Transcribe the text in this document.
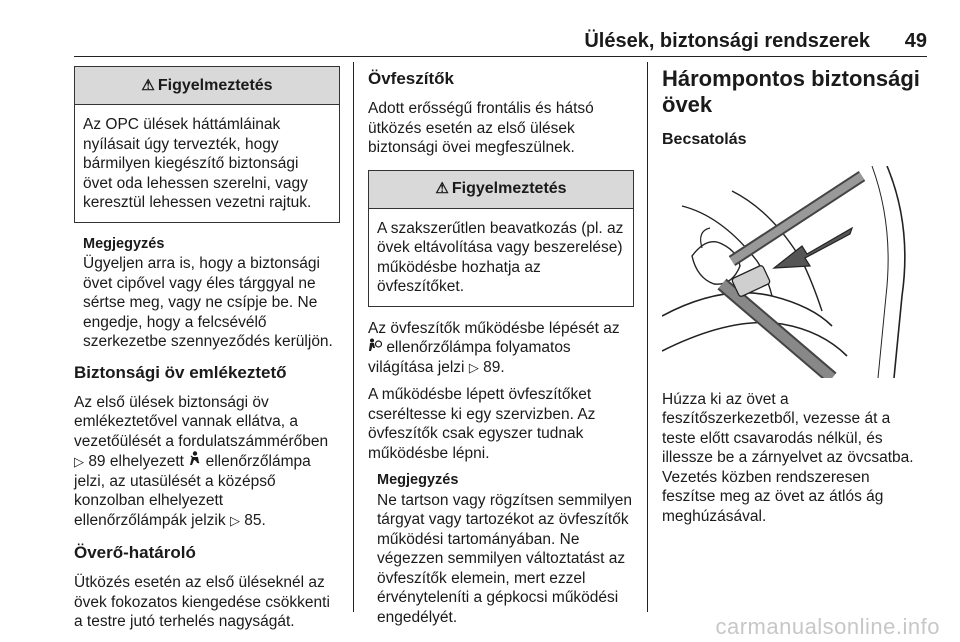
Ülések, biztonsági rendszerek 49
⚠ Figyelmeztetés
Az OPC ülések háttámláinak nyílásait úgy tervezték, hogy bármilyen kiegészítő biztonsági övet oda lehessen szerelni, vagy keresztül lehessen vezetni rajtuk.
Megjegyzés
Ügyeljen arra is, hogy a biztonsági övet cipővel vagy éles tárggyal ne sértse meg, vagy ne csípje be. Ne engedje, hogy a felcsévélő szerkezetbe szennyeződés kerüljön.
Biztonsági öv emlékeztető

Az első ülések biztonsági öv emlékeztetővel vannak ellátva, a vezetőülését a fordulatszámmérőben ▷ 89 elhelyezett ellenőrzőlámpa jelzi, az utasülését a középső konzolban elhelyezett ellenőrzőlámpák jelzik ▷ 85.

Överő-határoló

Ütközés esetén az első üléseknél az övek fokozatos kiengedése csökkenti a testre jutó terhelés nagyságát.

Övfeszítők

Adott erősségű frontális és hátsó ütközés esetén az első ülések biztonsági övei megfeszülnek.

⚠ Figyelmeztetés
A szakszerűtlen beavatkozás (pl. az övek eltávolítása vagy beszerelése) működésbe hozhatja az övfeszítőket.

Az övfeszítők működésbe lépését az  ellenőrzőlámpa folyamatos világítása jelzi ▷ 89.

A működésbe lépett övfeszítőket cseréltesse ki egy szervizben. Az övfeszítők csak egyszer tudnak működésbe lépni.

Megjegyzés
Ne tartson vagy rögzítsen semmilyen tárgyat vagy tartozékot az övfeszítők működési tartományában. Ne végezzen semmilyen változtatást az övfeszítők elemein, mert ezzel érvényteleníti a gépkocsi működési engedélyét.
Hárompontos biztonsági övek
Becsatolás

Húzza ki az övet a feszítőszerkezetből, vezesse át a teste előtt csavarodás nélkül, és illessze be a zárnyelvet az övcsatba. Vezetés közben rendszeresen feszítse meg az övet az átlós ág meghúzásával.

carmanualsonline.info
